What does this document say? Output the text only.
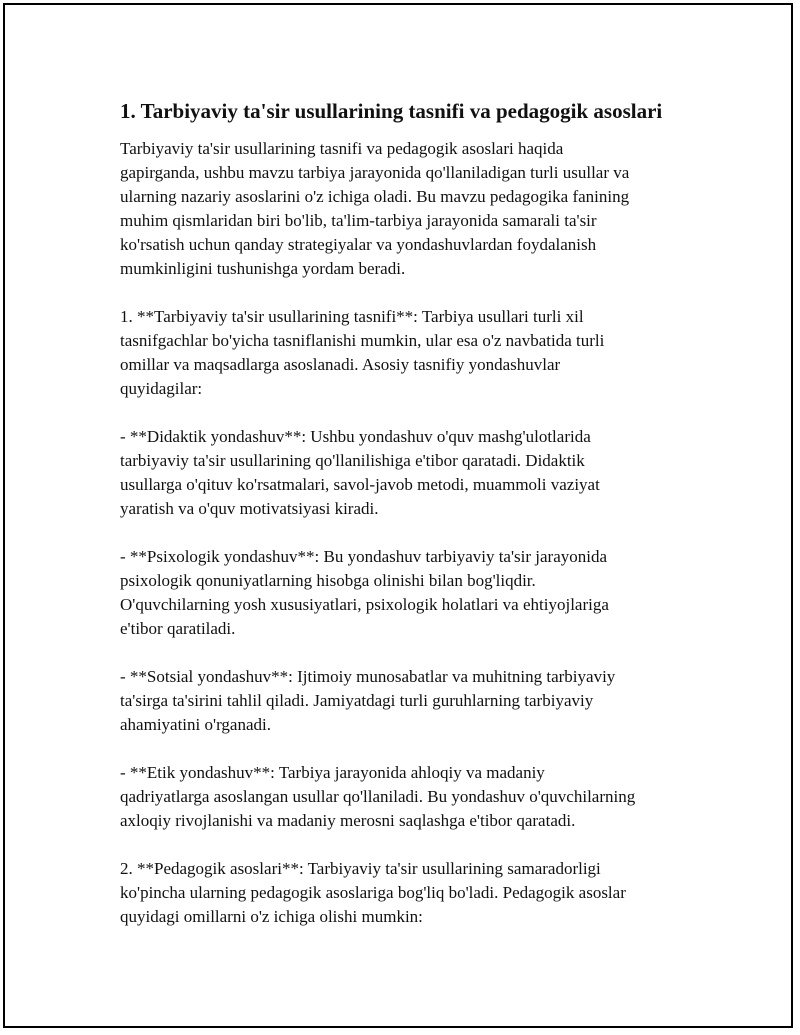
1. Tarbiyaviy ta'sir usullarining tasnifi va pedagogik asoslari

Tarbiyaviy ta'sir usullarining tasnifi va pedagogik asoslari haqida
gapirganda, ushbu mavzu tarbiya jarayonida qo'llaniladigan turli usullar va
ularning nazariy asoslarini o'z ichiga oladi. Bu mavzu pedagogika fanining
muhim qismlaridan biri bo'lib, ta'lim-tarbiya jarayonida samarali ta'sir
ko'rsatish uchun qanday strategiyalar va yondashuvlardan foydalanish
mumkinligini tushunishga yordam beradi.

1. **Tarbiyaviy ta'sir usullarining tasnifi**: Tarbiya usullari turli xil
tasnifgachlar bo'yicha tasniflanishi mumkin, ular esa o'z navbatida turli
omillar va maqsadlarga asoslanadi. Asosiy tasnifiy yondashuvlar
quyidagilar:

- **Didaktik yondashuv**: Ushbu yondashuv o'quv mashg'ulotlarida
tarbiyaviy ta'sir usullarining qo'llanilishiga e'tibor qaratadi. Didaktik
usullarga o'qituv ko'rsatmalari, savol-javob metodi, muammoli vaziyat
yaratish va o'quv motivatsiyasi kiradi.

- **Psixologik yondashuv**: Bu yondashuv tarbiyaviy ta'sir jarayonida
psixologik qonuniyatlarning hisobga olinishi bilan bog'liqdir.
O'quvchilarning yosh xususiyatlari, psixologik holatlari va ehtiyojlariga
e'tibor qaratiladi.

- **Sotsial yondashuv**: Ijtimoiy munosabatlar va muhitning tarbiyaviy
ta'sirga ta'sirini tahlil qiladi. Jamiyatdagi turli guruhlarning tarbiyaviy
ahamiyatini o'rganadi.

- **Etik yondashuv**: Tarbiya jarayonida ahloqiy va madaniy
qadriyatlarga asoslangan usullar qo'llaniladi. Bu yondashuv o'quvchilarning
axloqiy rivojlanishi va madaniy merosni saqlashga e'tibor qaratadi.

2. **Pedagogik asoslari**: Tarbiyaviy ta'sir usullarining samaradorligi
ko'pincha ularning pedagogik asoslariga bog'liq bo'ladi. Pedagogik asoslar
quyidagi omillarni o'z ichiga olishi mumkin:
